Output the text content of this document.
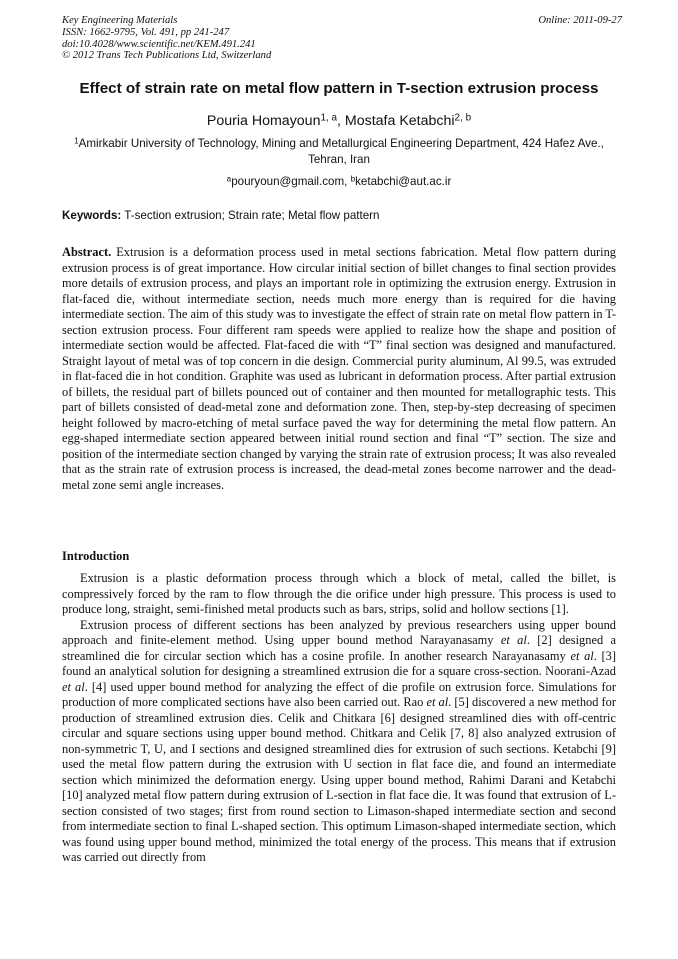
Key Engineering Materials
ISSN: 1662-9795, Vol. 491, pp 241-247
doi:10.4028/www.scientific.net/KEM.491.241
© 2012 Trans Tech Publications Ltd, Switzerland
Online: 2011-09-27
Effect of strain rate on metal flow pattern in T-section extrusion process
Pouria Homayoun$^{1, a}$, Mostafa Ketabchi$^{2, b}$
$^1$Amirkabir University of Technology, Mining and Metallurgical Engineering Department, 424 Hafez Ave., Tehran, Iran
$^a$pouryoun@gmail.com, $^b$ketabchi@aut.ac.ir
Keywords: T-section extrusion; Strain rate; Metal flow pattern

Abstract. Extrusion is a deformation process used in metal sections fabrication. Metal flow pattern during extrusion process is of great importance. How circular initial section of billet changes to final section provides more details of extrusion process, and plays an important role in optimizing the extrusion energy. Extrusion in flat-faced die, without intermediate section, needs much more energy than is required for die having intermediate section. The aim of this study was to investigate the effect of strain rate on metal flow pattern in T-section extrusion process. Four different ram speeds were applied to realize how the shape and position of intermediate section would be affected. Flat-faced die with “T” final section was designed and manufactured. Straight layout of metal was of top concern in die design. Commercial purity aluminum, Al 99.5, was extruded in flat-faced die in hot condition. Graphite was used as lubricant in deformation process. After partial extrusion of billets, the residual part of billets pounced out of container and then mounted for metallographic tests. This part of billets consisted of dead-metal zone and deformation zone. Then, step-by-step decreasing of specimen height followed by macro-etching of metal surface paved the way for determining the metal flow pattern. An egg-shaped intermediate section appeared between initial round section and final “T” section. The size and position of the intermediate section changed by varying the strain rate of extrusion process; It was also revealed that as the strain rate of extrusion process is increased, the dead-metal zones become narrower and the dead-metal zone semi angle increases.

Introduction

Extrusion is a plastic deformation process through which a block of metal, called the billet, is compressively forced by the ram to flow through the die orifice under high pressure. This process is used to produce long, straight, semi-finished metal products such as bars, strips, solid and hollow sections [1].

Extrusion process of different sections has been analyzed by previous researchers using upper bound approach and finite-element method. Using upper bound method Narayanasamy et al. [2] designed a streamlined die for circular section which has a cosine profile. In another research Narayanasamy et al. [3] found an analytical solution for designing a streamlined extrusion die for a square cross-section. Noorani-Azad et al. [4] used upper bound method for analyzing the effect of die profile on extrusion force. Simulations for production of more complicated sections have also been carried out. Rao et al. [5] discovered a new method for production of streamlined extrusion dies. Celik and Chitkara [6] designed streamlined dies with off-centric circular and square sections using upper bound method. Chitkara and Celik [7, 8] also analyzed extrusion of non-symmetric T, U, and I sections and designed streamlined dies for extrusion of such sections. Ketabchi [9] used the metal flow pattern during the extrusion with U section in flat face die, and found an intermediate section which minimized the deformation energy. Using upper bound method, Rahimi Darani and Ketabchi [10] analyzed metal flow pattern during extrusion of L-section in flat face die. It was found that extrusion of L-section consisted of two stages; first from round section to Limason-shaped intermediate section and second from intermediate section to final L-shaped section. This optimum Limason-shaped intermediate section, which was found using upper bound method, minimized the total energy of the process. This means that if extrusion was carried out directly from
